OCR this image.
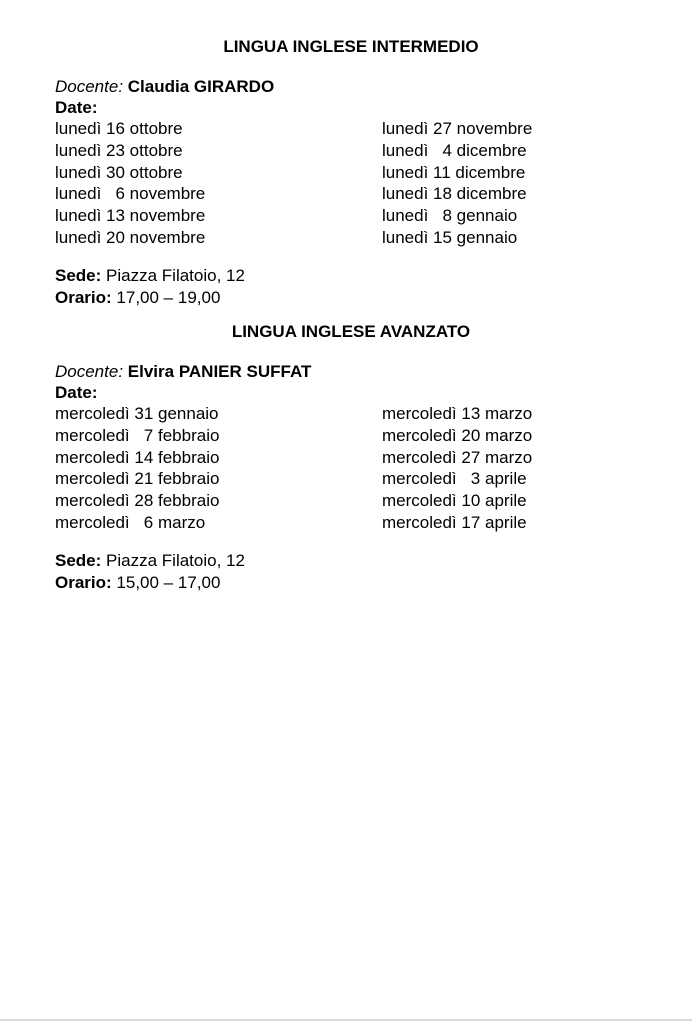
LINGUA INGLESE INTERMEDIO
Docente: Claudia GIRARDO
Date:
lunedì 16 ottobre
lunedì 23 ottobre
lunedì 30 ottobre
lunedì   6 novembre
lunedì 13 novembre
lunedì 20 novembre
lunedì 27 novembre
lunedì   4 dicembre
lunedì 11 dicembre
lunedì 18 dicembre
lunedì   8 gennaio
lunedì 15 gennaio
Sede: Piazza Filatoio, 12
Orario: 17,00 – 19,00
LINGUA INGLESE AVANZATO
Docente: Elvira PANIER SUFFAT
Date:
mercoledì 31 gennaio
mercoledì   7 febbraio
mercoledì 14 febbraio
mercoledì 21 febbraio
mercoledì 28 febbraio
mercoledì   6 marzo
mercoledì 13 marzo
mercoledì 20 marzo
mercoledì 27 marzo
mercoledì   3 aprile
mercoledì 10 aprile
mercoledì 17 aprile
Sede: Piazza Filatoio, 12
Orario: 15,00 – 17,00
